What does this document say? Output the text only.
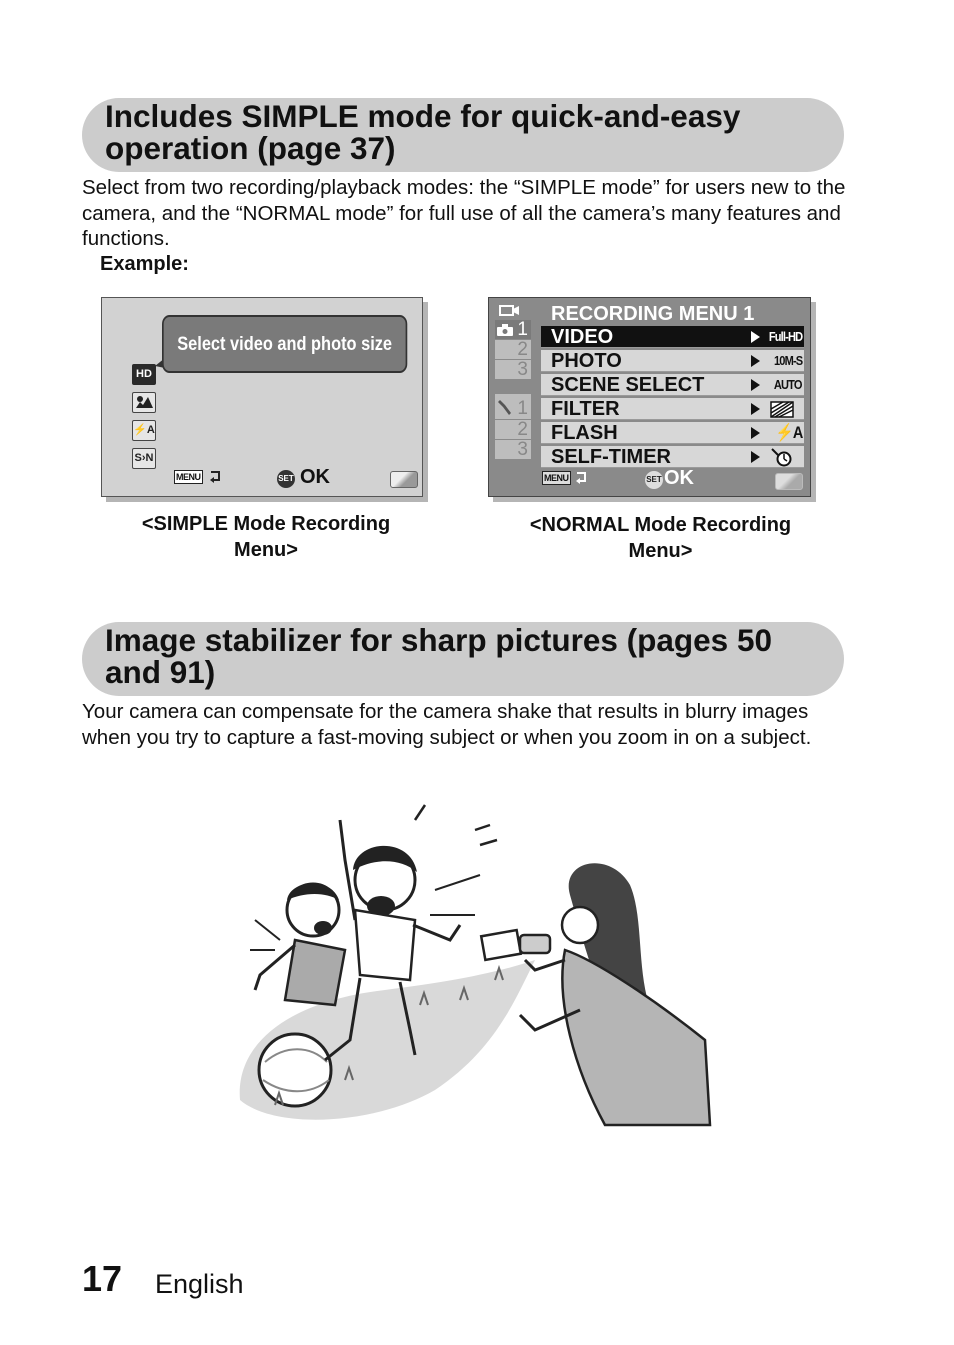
Includes SIMPLE mode for quick-and-easy operation (page 37)

Select from two recording/playback modes: the “SIMPLE mode” for users new to the camera, and the “NORMAL mode” for full use of all the camera’s many features and functions.

Example:
Select video and photo size
HD
⚡A
S›N
MENU	SET OK
<SIMPLE Mode Recording
Menu>
1
2
3
1
2
3
RECORDING MENU 1
VIDEO	Full-HD
PHOTO	10M-S
SCENE SELECT	AUTO
FILTER
FLASH	⚡A
SELF-TIMER
MENU	SET OK
<NORMAL Mode Recording
Menu>
Image stabilizer for sharp pictures (pages 50 and 91)

Your camera can compensate for the camera shake that results in blurry images when you try to capture a fast-moving subject or when you zoom in on a subject.

17 English
